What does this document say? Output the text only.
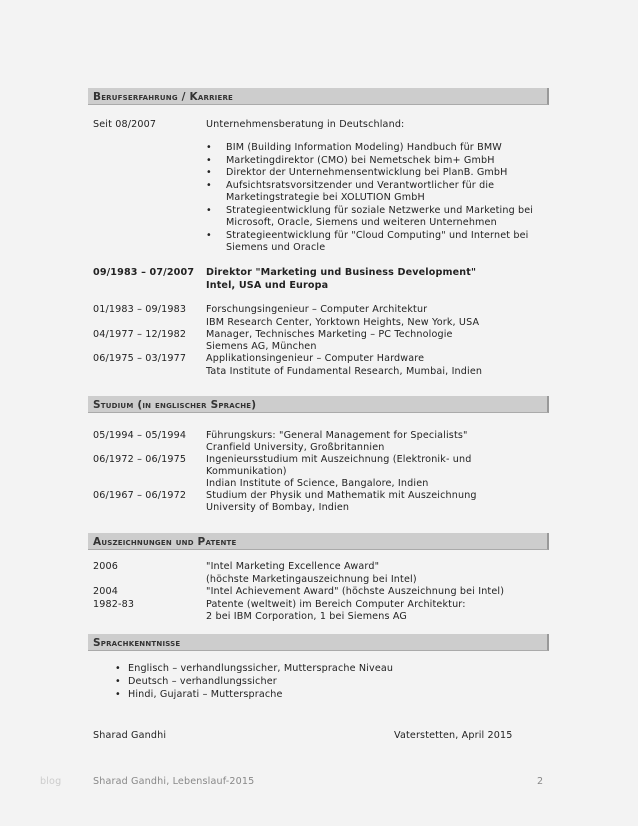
Berufserfahrung / Karriere
Seit 08/2007	Unternehmensberatung in Deutschland:
• BIM (Building Information Modeling) Handbuch für BMW
• Marketingdirektor (CMO) bei Nemetschek bim+ GmbH
• Direktor der Unternehmensentwicklung bei PlanB. GmbH
• Aufsichtsratsvorsitzender und Verantwortlicher für die
Marketingstrategie bei XOLUTION GmbH
• Strategieentwicklung für soziale Netzwerke und Marketing bei
Microsoft, Oracle, Siemens und weiteren Unternehmen
• Strategieentwicklung für "Cloud Computing" und Internet bei
Siemens und Oracle
09/1983 – 07/2007 Direktor "Marketing und Business Development"
Intel, USA und Europa
01/1983 – 09/1983 Forschungsingenieur – Computer Architektur
IBM Research Center, Yorktown Heights, New York, USA
04/1977 – 12/1982 Manager, Technisches Marketing – PC Technologie
Siemens AG, München
06/1975 – 03/1977 Applikationsingenieur – Computer Hardware
Tata Institute of Fundamental Research, Mumbai, Indien
Studium (in englischer Sprache)
05/1994 – 05/1994 Führungskurs: "General Management for Specialists"
Cranfield University, Großbritannien
06/1972 – 06/1975 Ingenieursstudium mit Auszeichnung (Elektronik- und
Kommunikation)
Indian Institute of Science, Bangalore, Indien
06/1967 – 06/1972 Studium der Physik und Mathematik mit Auszeichnung
University of Bombay, Indien
Auszeichnungen und Patente
2006	"Intel Marketing Excellence Award"
(höchste Marketingauszeichnung bei Intel)
2004	"Intel Achievement Award" (höchste Auszeichnung bei Intel)
1982-83	Patente (weltweit) im Bereich Computer Architektur:
2 bei IBM Corporation, 1 bei Siemens AG
Sprachkenntnisse
• Englisch – verhandlungssicher, Muttersprache Niveau
• Deutsch – verhandlungssicher
• Hindi, Gujarati – Muttersprache
Sharad Gandhi	Vaterstetten, April 2015
blog	Sharad Gandhi, Lebenslauf-2015	2
